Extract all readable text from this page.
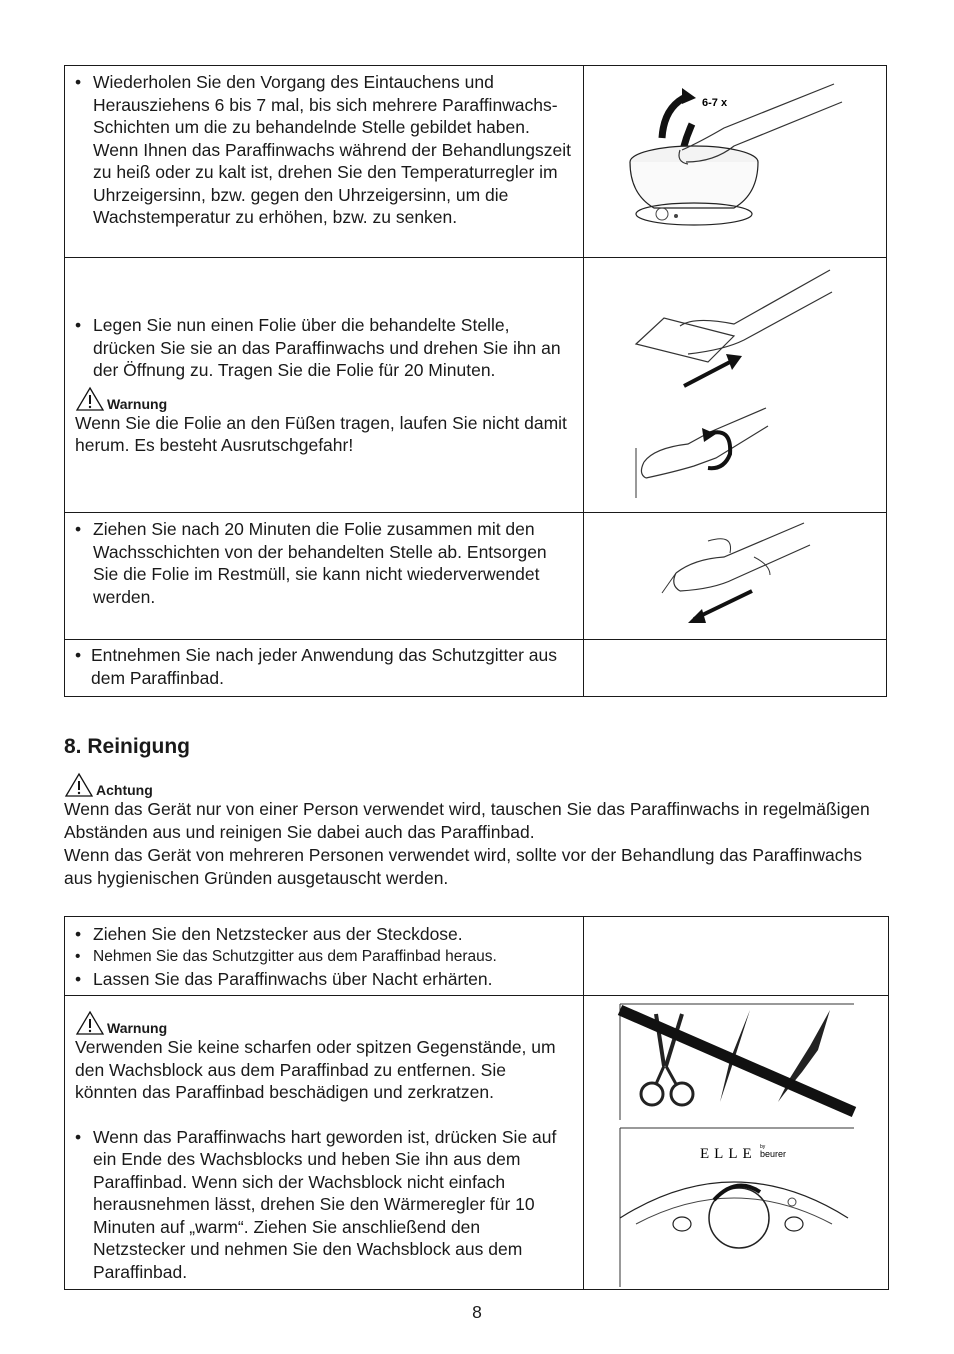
• Wiederholen Sie den Vorgang des Eintauchens und Herausziehens 6 bis 7 mal, bis sich mehrere Paraffinwachs-Schichten um die zu behandelnde Stelle gebildet haben. Wenn Ihnen das Paraffinwachs während der Behandlungszeit zu heiß oder zu kalt ist, drehen Sie den Temperaturregler im Uhrzeigersinn, bzw. gegen den Uhrzeigersinn, um die Wachstemperatur zu erhöhen, bzw. zu senken.
6-7 x
• Legen Sie nun einen Folie über die behandelte Stelle, drücken Sie sie an das Paraffinwachs und drehen Sie ihn an der Öffnung zu. Tragen Sie die Folie für 20 Minuten.
Warnung
Wenn Sie die Folie an den Füßen tragen, laufen Sie nicht damit herum. Es besteht Ausrutschgefahr!
• Ziehen Sie nach 20 Minuten die Folie zusammen mit den Wachsschichten von der behandelten Stelle ab. Entsorgen Sie die Folie im Restmüll, sie kann nicht wiederverwendet werden.
• Entnehmen Sie nach jeder Anwendung das Schutzgitter aus dem Paraffinbad.
8. Reinigung
Achtung
Wenn das Gerät nur von einer Person verwendet wird, tauschen Sie das Paraffinwachs in regelmäßigen Abständen aus und reinigen Sie dabei auch das Paraffinbad.
Wenn das Gerät von mehreren Personen verwendet wird, sollte vor der Behandlung das Paraffinwachs aus hygienischen Gründen ausgetauscht werden.
• Ziehen Sie den Netzstecker aus der Steckdose.
• Nehmen Sie das Schutzgitter aus dem Paraffinbad heraus.
• Lassen Sie das Paraffinwachs über Nacht erhärten.
Warnung
Verwenden Sie keine scharfen oder spitzen Gegenstände, um den Wachsblock aus dem Paraffinbad zu entfernen. Sie könnten das Paraffinbad beschädigen und zerkratzen.
• Wenn das Paraffinwachs hart geworden ist, drücken Sie auf ein Ende des Wachsblocks und heben Sie ihn aus dem Paraffinbad. Wenn sich der Wachsblock nicht einfach herausnehmen lässt, drehen Sie den Wärmeregler für 10 Minuten auf „warm“. Ziehen Sie anschließend den Netzstecker und nehmen Sie den Wachsblock aus dem Paraffinbad.
ELLE by
beurer
8
